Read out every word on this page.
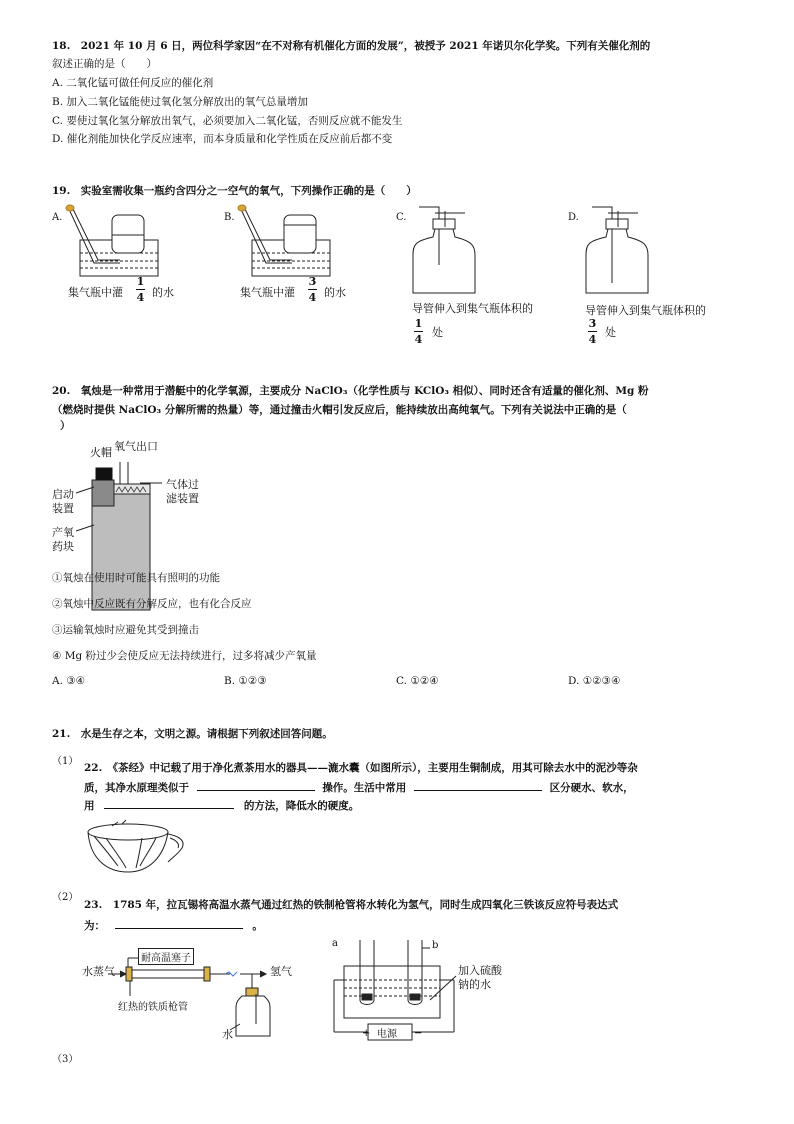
18.　2021 年 10 月 6 日，两位科学家因“在不对称有机催化方面的发展”，被授予 2021 年诺贝尔化学奖。下列有关催化剂的
叙述正确的是（　　）
A. 二氧化锰可做任何反应的催化剂
B. 加入二氧化锰能使过氧化氢分解放出的氧气总量增加
C. 要使过氧化氢分解放出氧气，必须要加入二氧化锰，否则反应就不能发生
D. 催化剂能加快化学反应速率，而本身质量和化学性质在反应前后都不变
19.　实验室需收集一瓶约含四分之一空气的氧气，下列操作正确的是（　　）
A.
集气瓶中灌
1
4 的水
B.
集气瓶中灌
3
4 的水
C.
导管伸入到集气瓶体积的
1
4
处
D.
导管伸入到集气瓶体积的
3
4
处
20.　氧烛是一种常用于潜艇中的化学氧源，主要成分 NaClO₃（化学性质与 KClO₃ 相似）、同时还含有适量的催化剂、Mg 粉
（燃烧时提供 NaClO₃ 分解所需的热量）等，通过撞击火帽引发反应后，能持续放出高纯氧气。下列有关说法中正确的是（
）
火帽 氧气出口
气体过
滤装置
启动
装置
产氧
药块
①氧烛在使用时可能具有照明的功能
②氧烛中反应既有分解反应，也有化合反应
③运输氧烛时应避免其受到撞击
④ Mg 粉过少会使反应无法持续进行，过多将减少产氧量
A. ③④	B. ①②③	C. ①②④	D. ①②③④
21.　水是生存之本，文明之源。请根据下列叙述回答问题。
（1）
22.　《茶经》中记载了用于净化煮茶用水的器具——漉水囊（如图所示），主要用生铜制成，用其可除去水中的泥沙等杂
质，其净水原理类似于	操作。生活中常用	区分硬水、软水，
用	的方法，降低水的硬度。
（2）
23.　1785 年，拉瓦锡将高温水蒸气通过红热的铁制枪管将水转化为氢气，同时生成四氧化三铁该反应符号表达式
为：	。
耐高温塞子
水蒸气	氢气
红热的铁质枪管
水
a	b
加入硫酸
钠的水
电源
+	−
（3）
